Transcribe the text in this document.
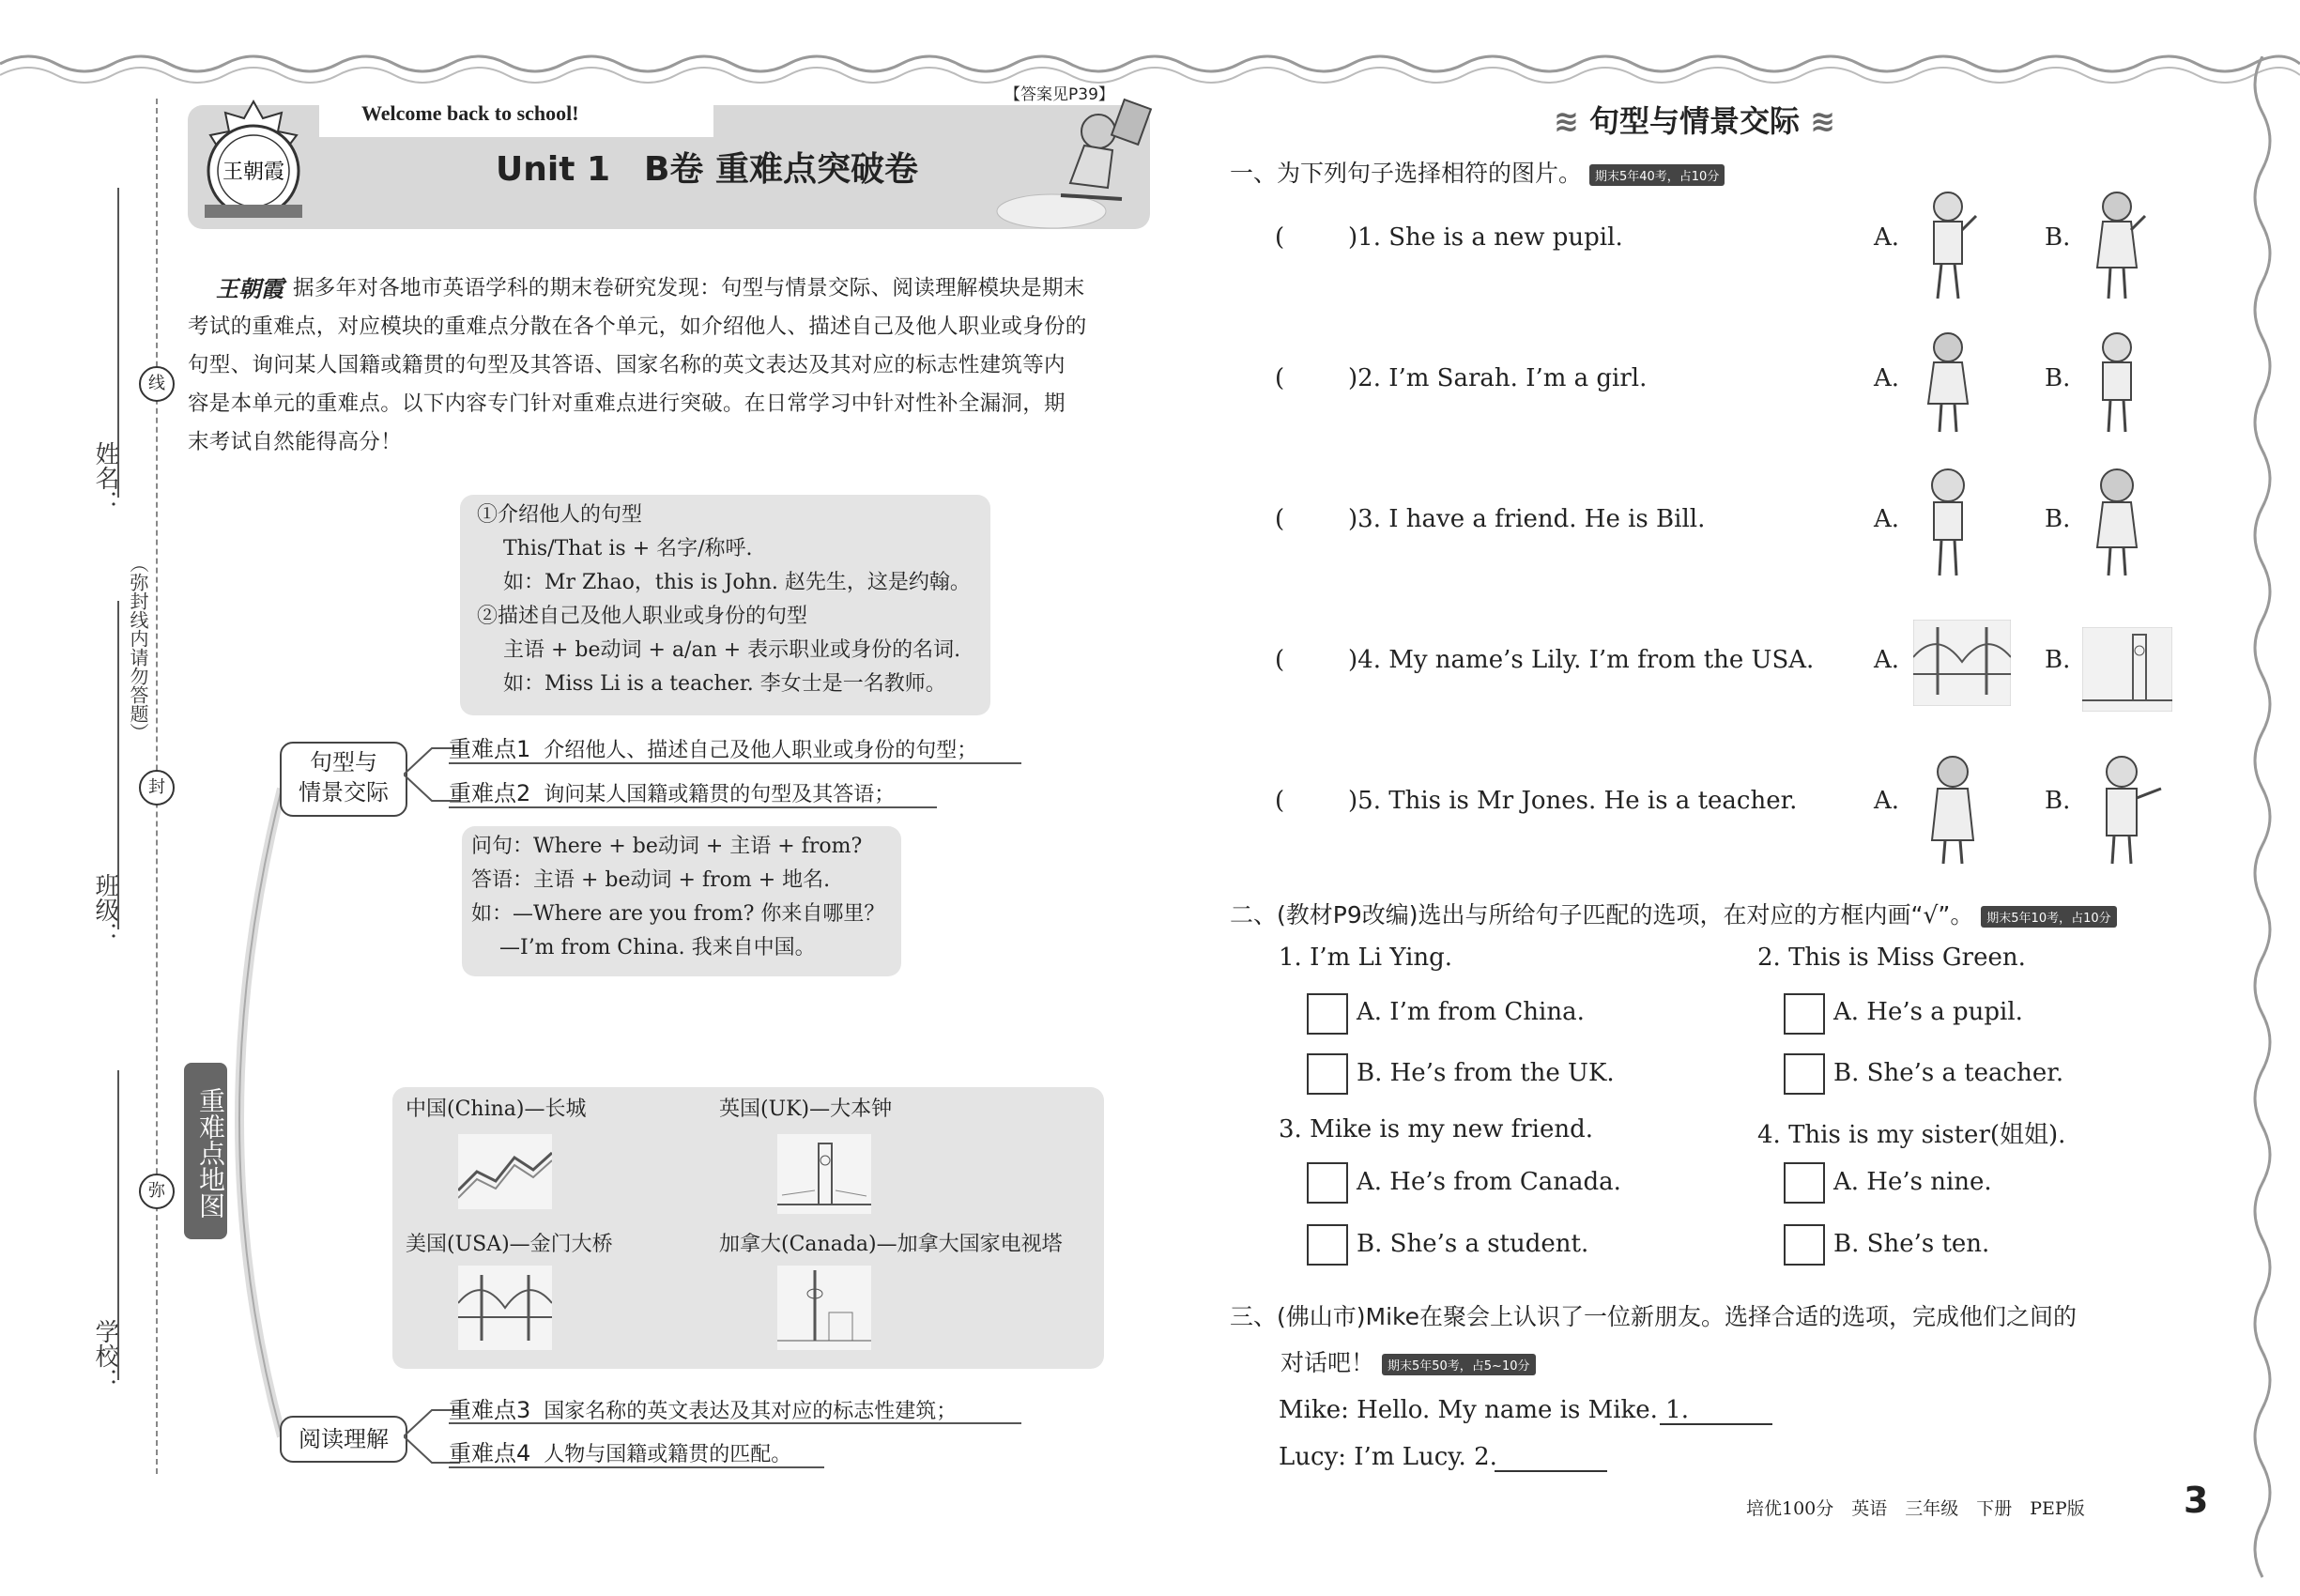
姓名：
班级：
学校：
（弥封线内请勿答题）
线
封
弥
王朝霞
Welcome back to school!
【答案见P39】
Unit 1　B卷 重难点突破卷
王朝霞 据多年对各地市英语学科的期末卷研究发现：句型与情景交际、阅读理解模块是期末
考试的重难点，对应模块的重难点分散在各个单元，如介绍他人、描述自己及他人职业或身份的
句型、询问某人国籍或籍贯的句型及其答语、国家名称的英文表达及其对应的标志性建筑等内
容是本单元的重难点。以下内容专门针对重难点进行突破。在日常学习中针对性补全漏洞，期
末考试自然能得高分！
重难点地图
①介绍他人的句型
This/That is + 名字/称呼.
如：Mr Zhao，this is John. 赵先生，这是约翰。
②描述自己及他人职业或身份的句型
主语 + be动词 + a/an + 表示职业或身份的名词.
如：Miss Li is a teacher. 李女士是一名教师。
句型与
情景交际
重难点1 介绍他人、描述自己及他人职业或身份的句型；
重难点2 询问某人国籍或籍贯的句型及其答语；
问句：Where + be动词 + 主语 + from?
答语：主语 + be动词 + from + 地名.
如：—Where are you from? 你来自哪里？
—I’m from China. 我来自中国。
中国(China)—长城	英国(UK)—大本钟
美国(USA)—金门大桥	加拿大(Canada)—加拿大国家电视塔
阅读理解
重难点3 国家名称的英文表达及其对应的标志性建筑；
重难点4 人物与国籍或籍贯的匹配。
≋ 句型与情景交际 ≋
一、为下列句子选择相符的图片。 期末5年40考，占10分
(	)1. She is a new pupil.	A.	B.
(	)2. I’m Sarah. I’m a girl.	A.	B.
(	)3. I have a friend. He is Bill.	A.	B.
(	)4. My name’s Lily. I’m from the USA. A.	B.
(	)5. This is Mr Jones. He is a teacher.	A.	B.
二、(教材P9改编)选出与所给句子匹配的选项，在对应的方框内画“√”。 期末5年10考，占10分
1. I’m Li Ying.
A. I’m from China.
B. He’s from the UK.
2. This is Miss Green.
A. He’s a pupil.
B. She’s a teacher.
3. Mike is my new friend.
A. He’s from Canada.
B. She’s a student.
4. This is my sister(姐姐).
A. He’s nine.
B. She’s ten.
三、(佛山市)Mike在聚会上认识了一位新朋友。选择合适的选项，完成他们之间的
对话吧！ 期末5年50考，占5~10分
Mike: Hello. My name is Mike. 1.
Lucy: I’m Lucy. 2.
培优100分　英语　三年级　下册　PEP版	3
